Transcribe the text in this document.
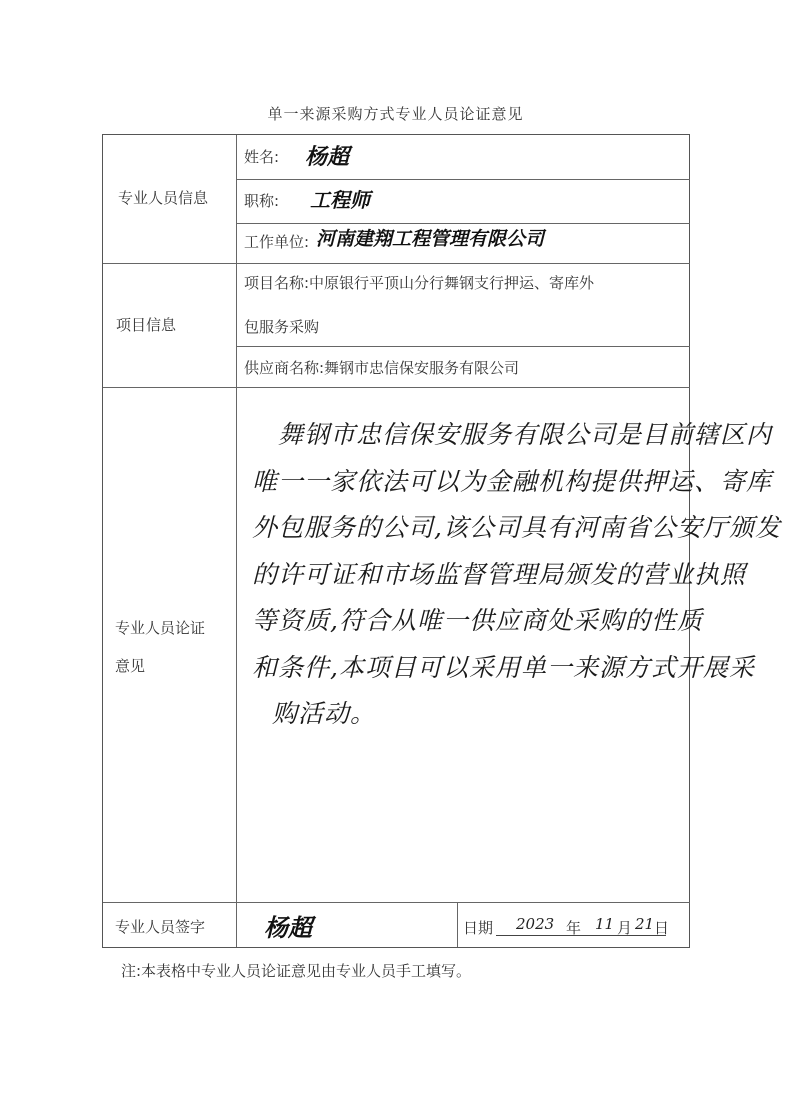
单一来源采购方式专业人员论证意见
专业人员信息
姓名: 杨超
职称: 工程师
工作单位: 河南建翔工程管理有限公司
项目信息
项目名称:中原银行平顶山分行舞钢支行押运、寄库外
包服务采购
供应商名称:舞钢市忠信保安服务有限公司
专业人员论证
意见
舞钢市忠信保安服务有限公司是目前辖区内
唯一一家依法可以为金融机构提供押运、寄库
外包服务的公司,该公司具有河南省公安厅颁发
的许可证和市场监督管理局颁发的营业执照
等资质,符合从唯一供应商处采购的性质
和条件,本项目可以采用单一来源方式开展采
购活动。
专业人员签字 杨超	日期 2023 年 11 月 21 日
注:本表格中专业人员论证意见由专业人员手工填写。
